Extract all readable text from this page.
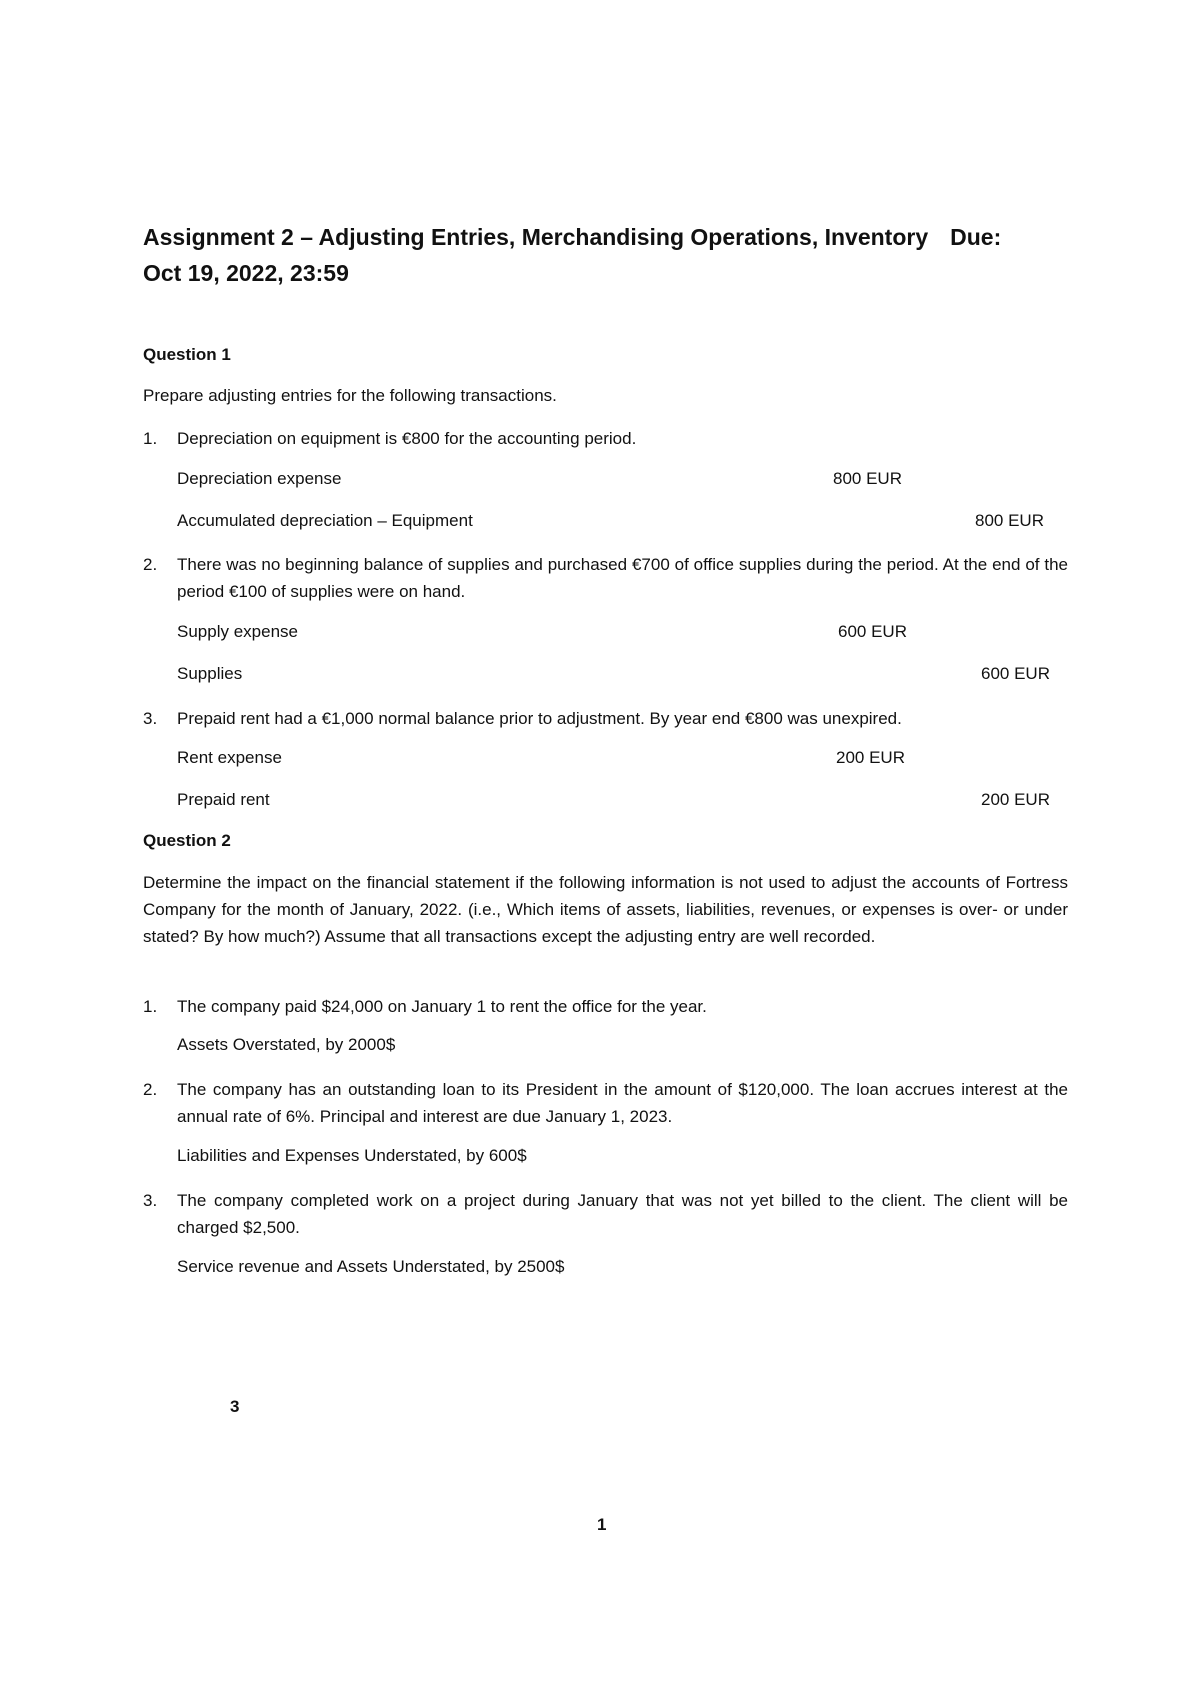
Assignment 2 – Adjusting Entries, Merchandising Operations, Inventory Due:
Oct 19, 2022, 23:59
Question 1
Prepare adjusting entries for the following transactions.
1.	Depreciation on equipment is €800 for the accounting period.
Depreciation expense	800 EUR
Accumulated depreciation – Equipment	800 EUR
2.	There was no beginning balance of supplies and purchased €700 of office supplies during the period. At the end of the period €100 of supplies were on hand.
Supply expense	600 EUR
Supplies	600 EUR
3.	Prepaid rent had a €1,000 normal balance prior to adjustment. By year end €800 was unexpired.
Rent expense	200 EUR
Prepaid rent	200 EUR
Question 2
Determine the impact on the financial statement if the following information is not used to adjust the accounts of Fortress Company for the month of January, 2022. (i.e., Which items of assets, liabilities, revenues, or expenses is over- or under stated? By how much?) Assume that all transactions except the adjusting entry are well recorded.
1.	The company paid $24,000 on January 1 to rent the office for the year.
Assets Overstated, by 2000$
2.	The company has an outstanding loan to its President in the amount of $120,000. The loan accrues interest at the annual rate of 6%. Principal and interest are due January 1, 2023.
Liabilities and Expenses Understated, by 600$
3.	The company completed work on a project during January that was not yet billed to the client. The client will be charged $2,500.
Service revenue and Assets Understated, by 2500$
3
1
